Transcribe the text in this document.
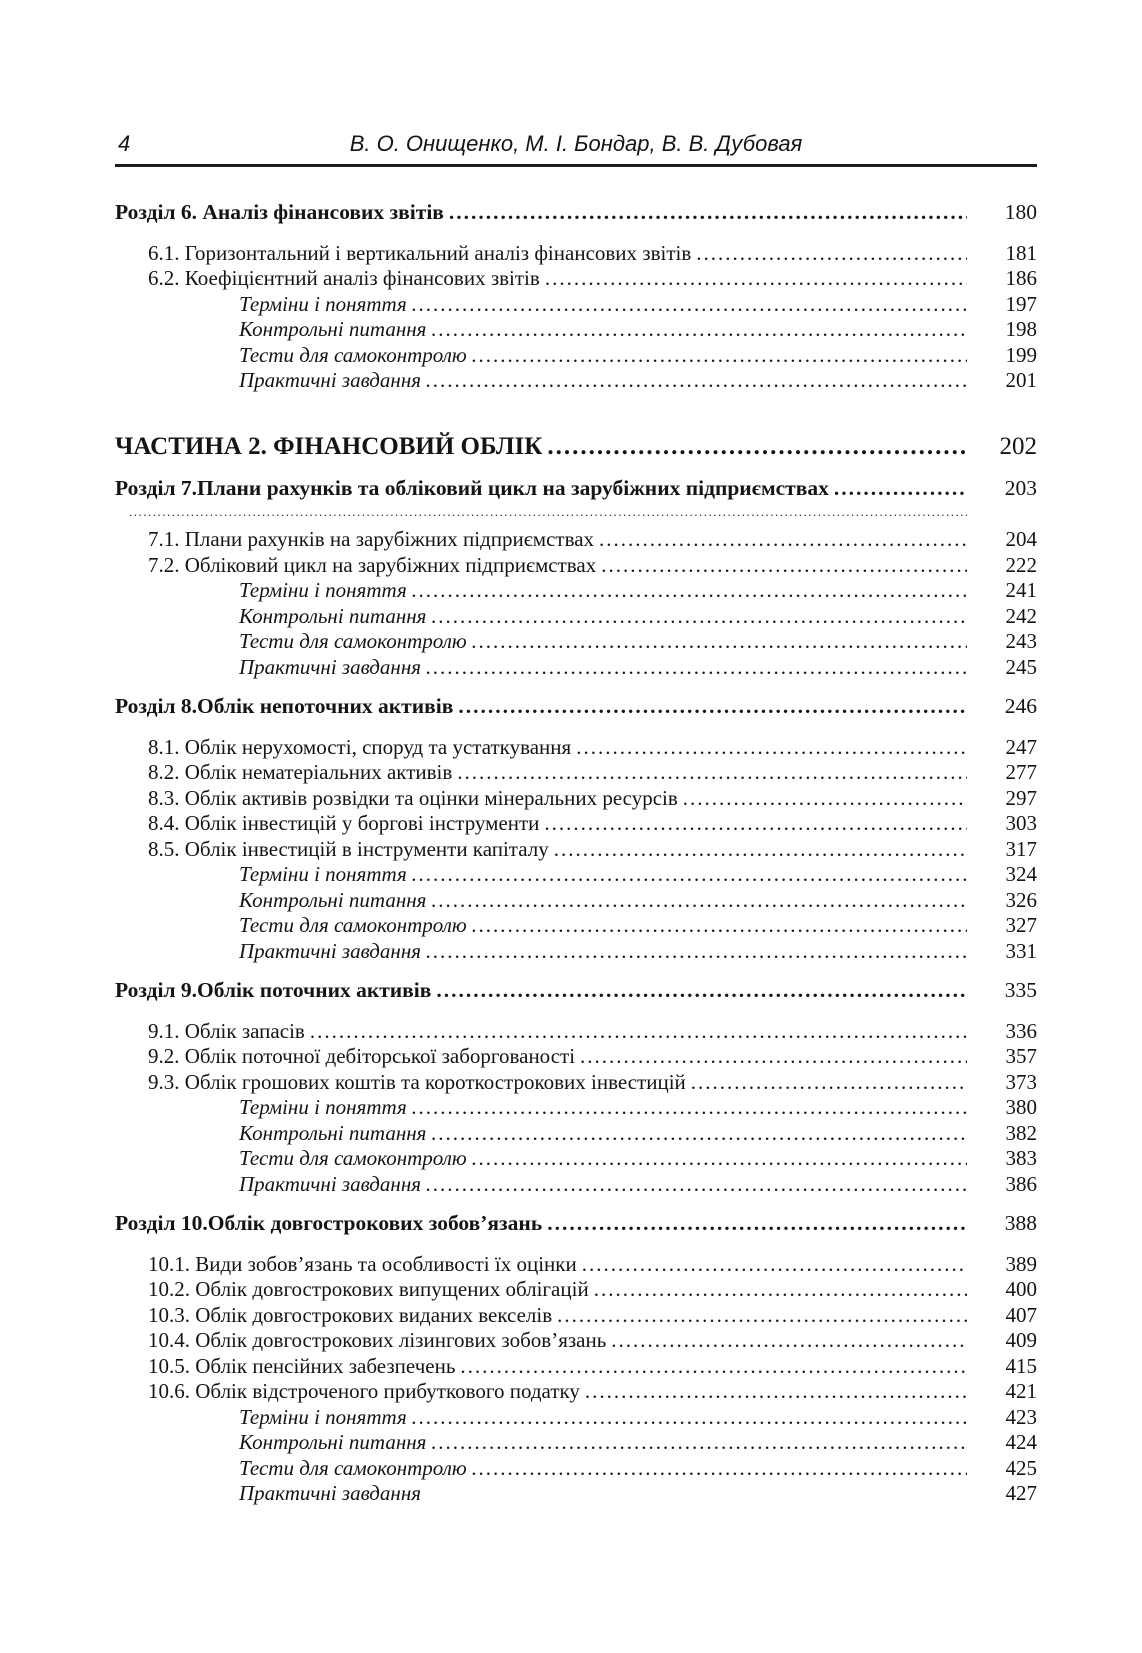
4	В. О. Онищенко, М. І. Бондар, В. В. Дубовая
Розділ 6. Аналіз фінансових звітів .....	180
6.1. Горизонтальний і вертикальний аналіз фінансових звітів .....	181
6.2. Коефіцієнтний аналіз фінансових звітів .....	186
Терміни і поняття .....	197
Контрольні питання .....	198
Тести для самоконтролю .....	199
Практичні завдання .....	201
ЧАСТИНА 2. ФІНАНСОВИЙ ОБЛІК .....	202
Розділ 7.Плани рахунків та обліковий цикл на зарубіжних підприємствах .....	203
.....
7.1. Плани рахунків на зарубіжних підприємствах .....	204
7.2. Обліковий цикл на зарубіжних підприємствах .....	222
Терміни і поняття .....	241
Контрольні питання .....	242
Тести для самоконтролю .....	243
Практичні завдання .....	245
Розділ 8.Облік непоточних активів .....	246
8.1. Облік нерухомості, споруд та устаткування .....	247
8.2. Облік нематеріальних активів .....	277
8.3. Облік активів розвідки та оцінки мінеральних ресурсів .....	297
8.4. Облік інвестицій у боргові інструменти .....	303
8.5. Облік інвестицій в інструменти капіталу .....	317
Терміни і поняття .....	324
Контрольні питання .....	326
Тести для самоконтролю .....	327
Практичні завдання .....	331
Розділ 9.Облік поточних активів .....	335
9.1. Облік запасів .....	336
9.2. Облік поточної дебіторської заборгованості .....	357
9.3. Облік грошових коштів та короткострокових інвестицій .....	373
Терміни і поняття .....	380
Контрольні питання .....	382
Тести для самоконтролю .....	383
Практичні завдання .....	386
Розділ 10.Облік довгострокових зобов’язань .....	388
10.1. Види зобов’язань та особливості їх оцінки .....	389
10.2. Облік довгострокових випущених облігацій .....	400
10.3. Облік довгострокових виданих векселів .....	407
10.4. Облік довгострокових лізингових зобов’язань .....	409
10.5. Облік пенсійних забезпечень .....	415
10.6. Облік відстроченого прибуткового податку .....	421
Терміни і поняття .....	423
Контрольні питання .....	424
Тести для самоконтролю .....	425
Практичні завдання	427
